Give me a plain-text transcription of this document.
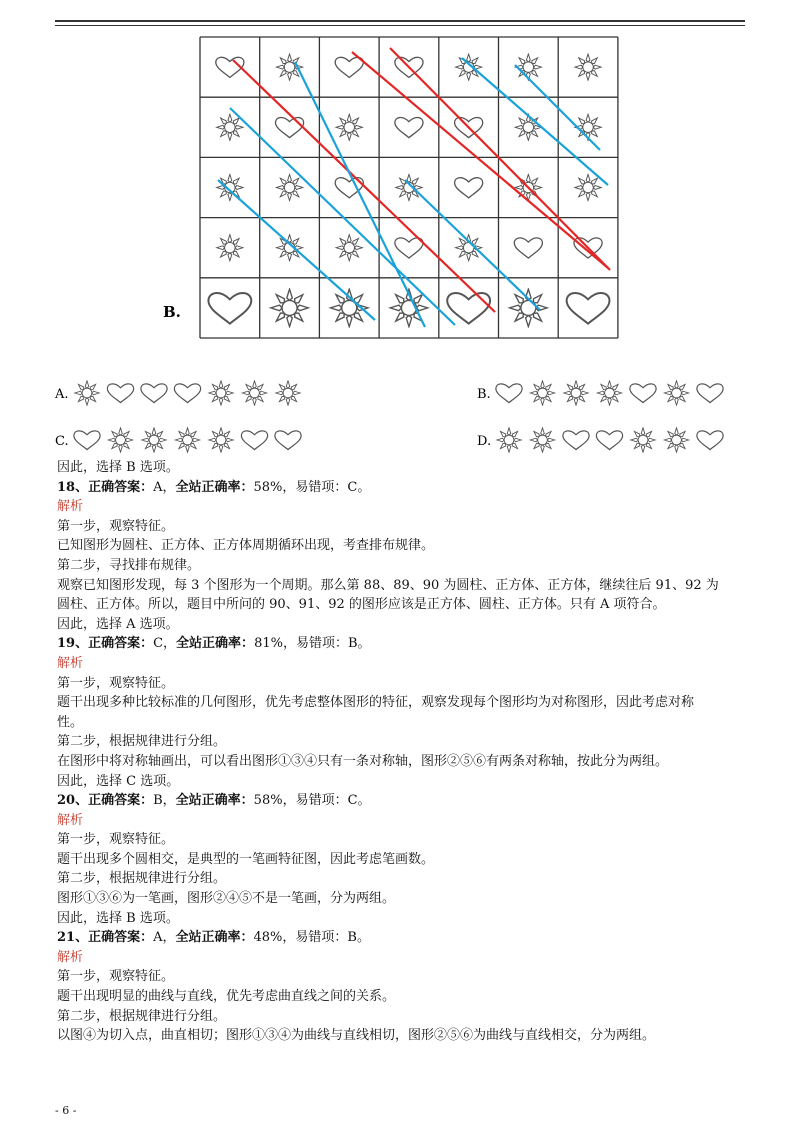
B.
A.	B.
C.	D.

因此，选择 B 选项。

18、正确答案：A，全站正确率：58%，易错项：C。

解析

第一步，观察特征。

已知图形为圆柱、正方体、正方体周期循环出现，考查排布规律。

第二步，寻找排布规律。

观察已知图形发现，每 3 个图形为一个周期。那么第 88、89、90 为圆柱、正方体、正方体，继续往后 91、92 为

圆柱、正方体。所以，题目中所问的 90、91、92 的图形应该是正方体、圆柱、正方体。只有 A 项符合。

因此，选择 A 选项。

19、正确答案：C，全站正确率：81%，易错项：B。

解析

第一步，观察特征。

题干出现多种比较标准的几何图形，优先考虑整体图形的特征，观察发现每个图形均为对称图形，因此考虑对称

性。

第二步，根据规律进行分组。

在图形中将对称轴画出，可以看出图形①③④只有一条对称轴，图形②⑤⑥有两条对称轴，按此分为两组。

因此，选择 C 选项。

20、正确答案：B，全站正确率：58%，易错项：C。

解析

第一步，观察特征。

题干出现多个圆相交，是典型的一笔画特征图，因此考虑笔画数。

第二步，根据规律进行分组。

图形①③⑥为一笔画，图形②④⑤不是一笔画，分为两组。

因此，选择 B 选项。

21、正确答案：A，全站正确率：48%，易错项：B。

解析

第一步，观察特征。

题干出现明显的曲线与直线，优先考虑曲直线之间的关系。

第二步，根据规律进行分组。

以图④为切入点，曲直相切；图形①③④为曲线与直线相切，图形②⑤⑥为曲线与直线相交，分为两组。

- 6 -
